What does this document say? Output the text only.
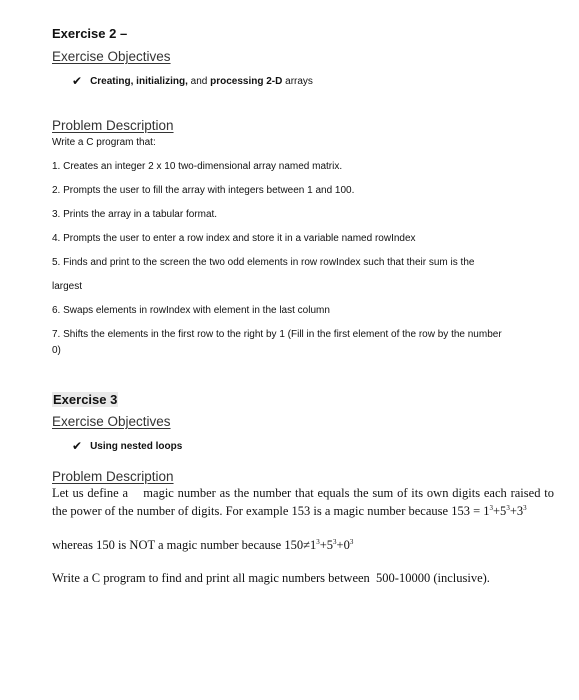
Exercise 2 –
Exercise Objectives
✔ Creating, initializing, and processing 2-D arrays
Problem Description
Write a C program that:
1. Creates an integer 2 x 10 two-dimensional array named matrix.
2. Prompts the user to fill the array with integers between 1 and 100.
3. Prints the array in a tabular format.
4. Prompts the user to enter a row index and store it in a variable named rowIndex
5. Finds and print to the screen the two odd elements in row rowIndex such that their sum is the
largest
6. Swaps elements in rowIndex with element in the last column
7. Shifts the elements in the first row to the right by 1 (Fill in the first element of the row by the number
0)
Exercise 3
Exercise Objectives
✔ Using nested loops
Problem Description
Let us define a    magic number as the number that equals the sum of its own digits each raised to the power of the number of digits. For example 153 is a magic number because $153 = 1^3+5^3+3^3$
whereas 150 is NOT a magic number because $150\ne 1^3+5^3+0^3$
Write a C program to find and print all magic numbers between  500-10000 (inclusive).
